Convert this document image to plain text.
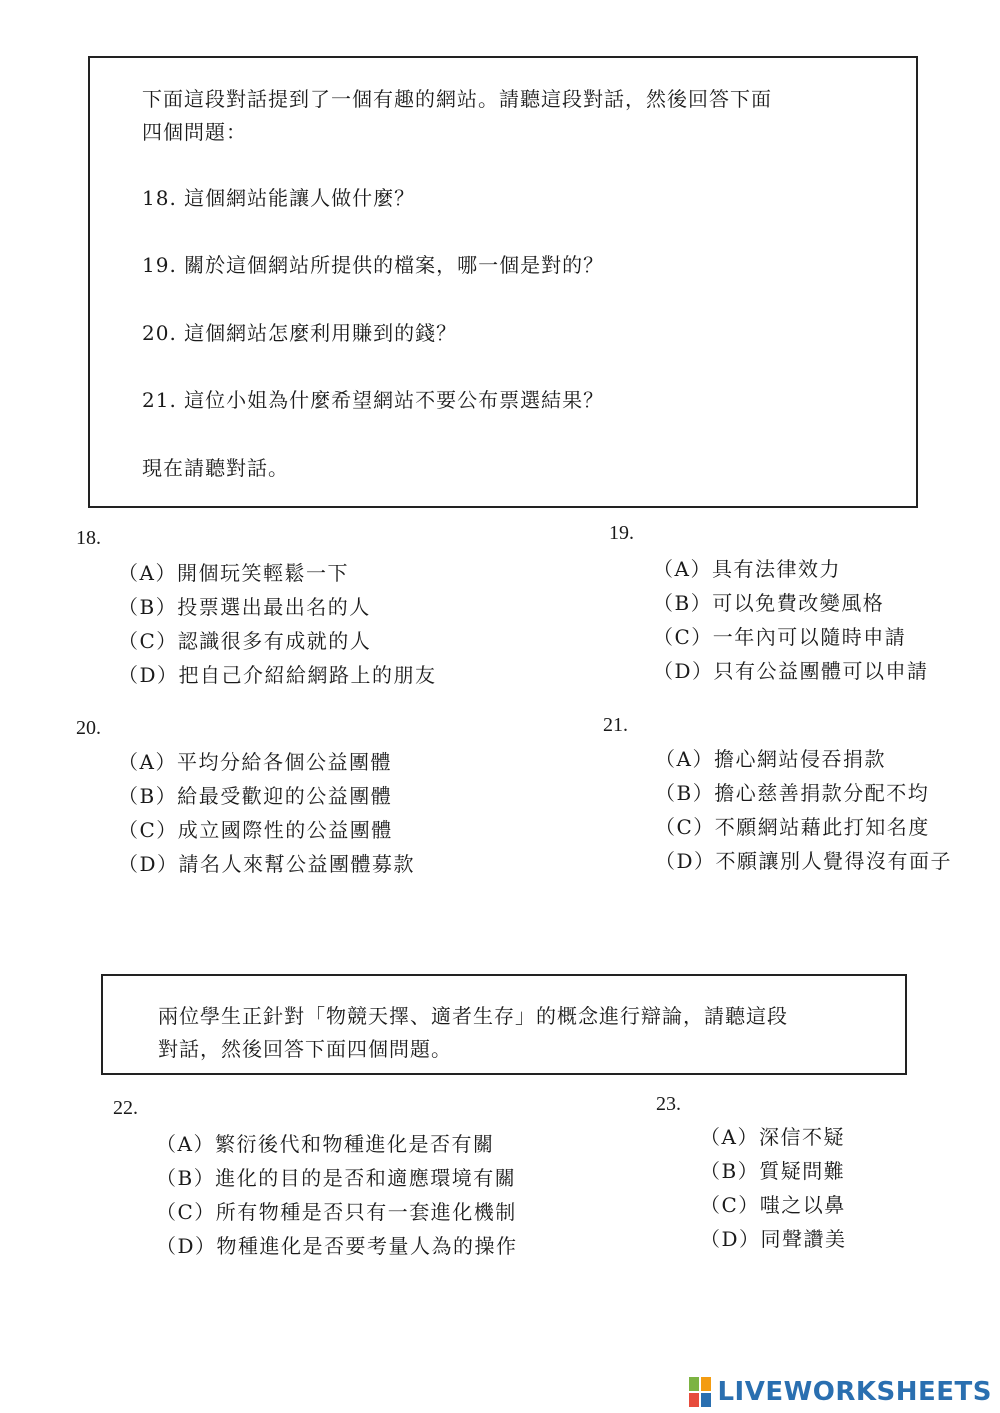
下面這段對話提到了一個有趣的網站。請聽這段對話，然後回答下面

四個問題：

18. 這個網站能讓人做什麼？

19. 關於這個網站所提供的檔案，哪一個是對的？

20. 這個網站怎麼利用賺到的錢？

21. 這位小姐為什麼希望網站不要公布票選結果？

現在請聽對話。

18.
（A）開個玩笑輕鬆一下
（B）投票選出最出名的人
（C）認識很多有成就的人
（D）把自己介紹給網路上的朋友
19.
（A）具有法律效力
（B）可以免費改變風格
（C）一年內可以隨時申請
（D）只有公益團體可以申請
20.
（A）平均分給各個公益團體
（B）給最受歡迎的公益團體
（C）成立國際性的公益團體
（D）請名人來幫公益團體募款
21.
（A）擔心網站侵吞捐款
（B）擔心慈善捐款分配不均
（C）不願網站藉此打知名度
（D）不願讓別人覺得沒有面子

兩位學生正針對「物競天擇、適者生存」的概念進行辯論，請聽這段

對話，然後回答下面四個問題。

22.
（A）繁衍後代和物種進化是否有關
（B）進化的目的是否和適應環境有關
（C）所有物種是否只有一套進化機制
（D）物種進化是否要考量人為的操作
23.
（A）深信不疑
（B）質疑問難
（C）嗤之以鼻
（D）同聲讚美
LIVEWORKSHEETS
